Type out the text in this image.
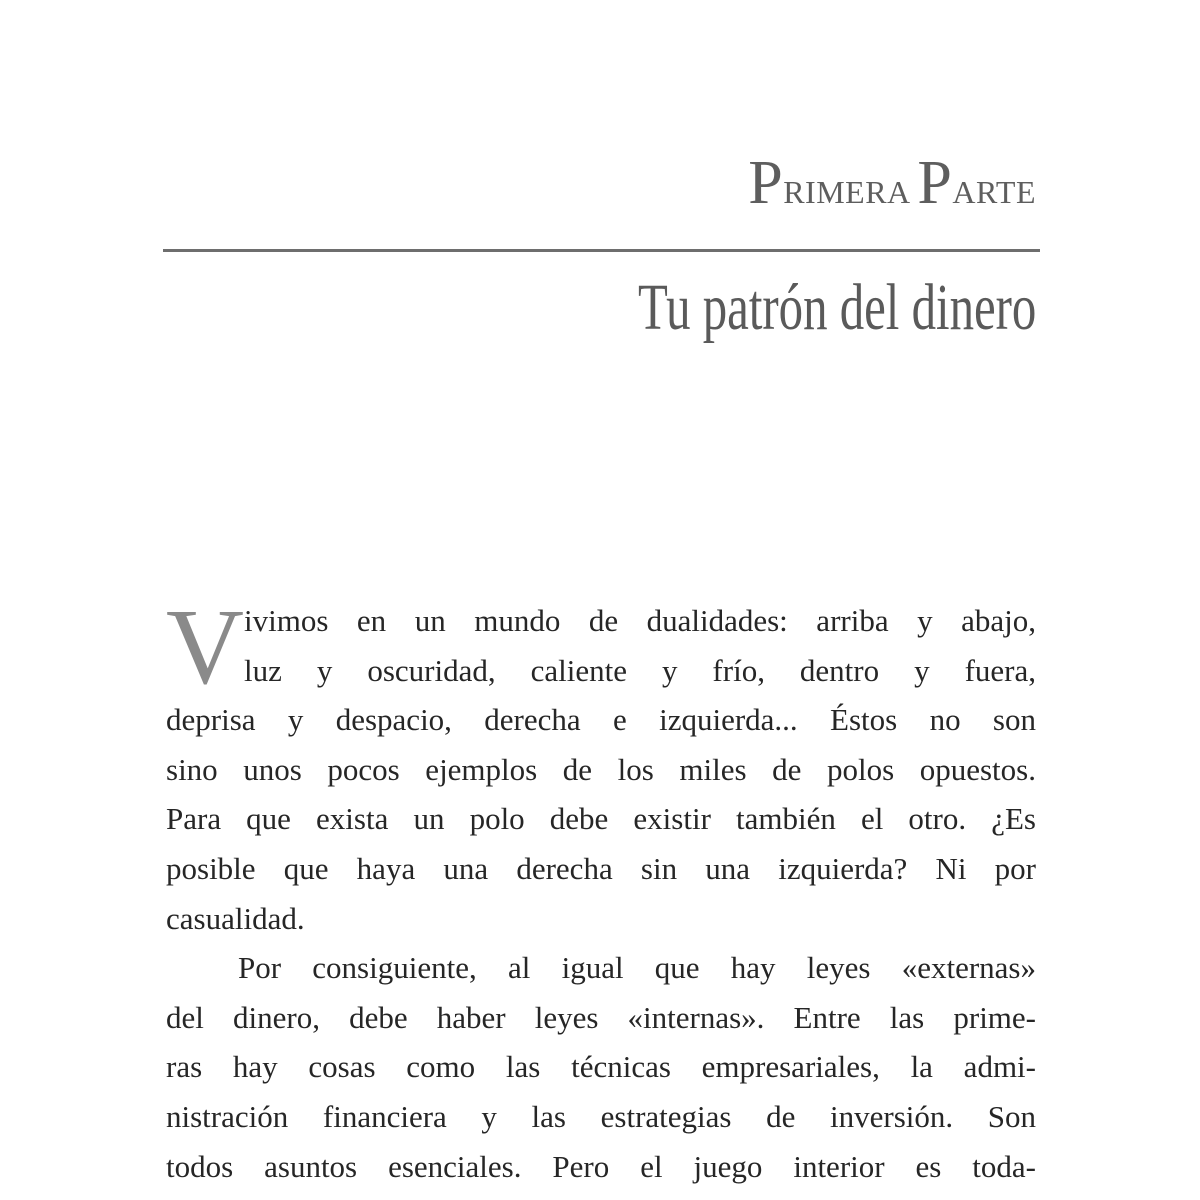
PRIMERA PARTE
Tu patrón del dinero
V ivimos en un mundo de dualidades: arriba y abajo,
luz y oscuridad, caliente y frío, dentro y fuera,
deprisa y despacio, derecha e izquierda... Éstos no son
sino unos pocos ejemplos de los miles de polos opuestos.
Para que exista un polo debe existir también el otro. ¿Es
posible que haya una derecha sin una izquierda? Ni por
casualidad.
Por consiguiente, al igual que hay leyes «externas»
del dinero, debe haber leyes «internas». Entre las prime-
ras hay cosas como las técnicas empresariales, la admi-
nistración financiera y las estrategias de inversión. Son
todos asuntos esenciales. Pero el juego interior es toda-
